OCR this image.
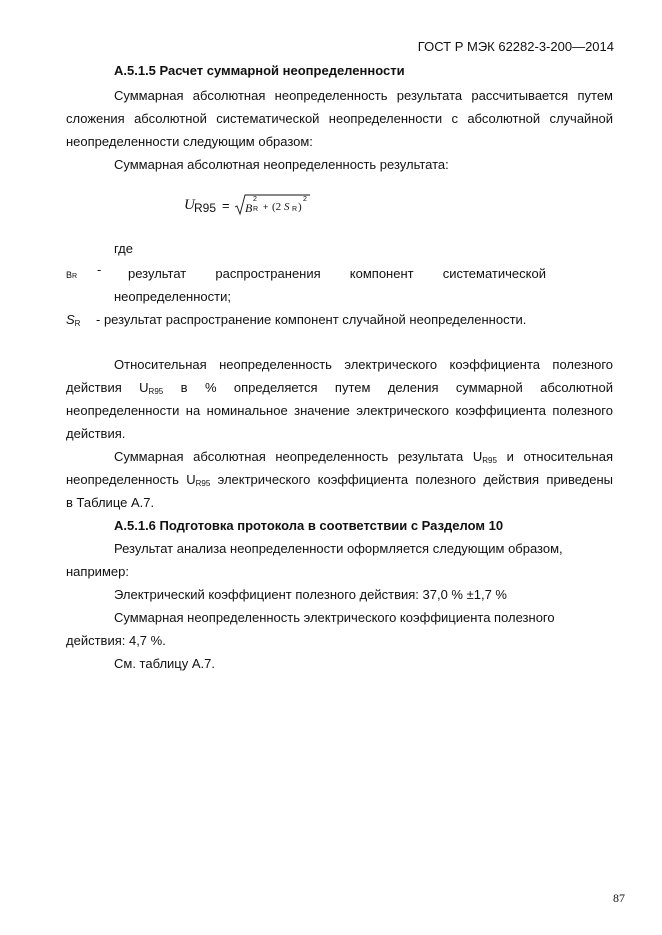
ГОСТ Р МЭК 62282-3-200—2014
А.5.1.5 Расчет суммарной неопределенности
Суммарная абсолютная неопределенность результата рассчитывается путем
сложения абсолютной систематической неопределенности с абсолютной случайной
неопределенности следующим образом:
Суммарная абсолютная неопределенность результата:
U R95 = B
2
R + (2 S R )
2
где
BR - результат распространения компонент систематической
неопределенности;
$S_R$ - результат распространение компонент случайной неопределенности.
Относительная неопределенность электрического коэффициента полезного
действия $U_{R95}$ в % определяется путем деления суммарной абсолютной
неопределенности на номинальное значение электрического коэффициента полезного
действия.
Суммарная абсолютная неопределенность результата $U_{R95}$ и относительная
неопределенность $U_{R95}$ электрического коэффициента полезного действия приведены
в Таблице А.7.
А.5.1.6 Подготовка протокола в соответствии с Разделом 10
Результат анализа неопределенности оформляется следующим образом,
например:
Электрический коэффициент полезного действия: 37,0 % ±1,7 %
Суммарная неопределенность электрического коэффициента полезного
действия: 4,7 %.
См. таблицу А.7.
87
